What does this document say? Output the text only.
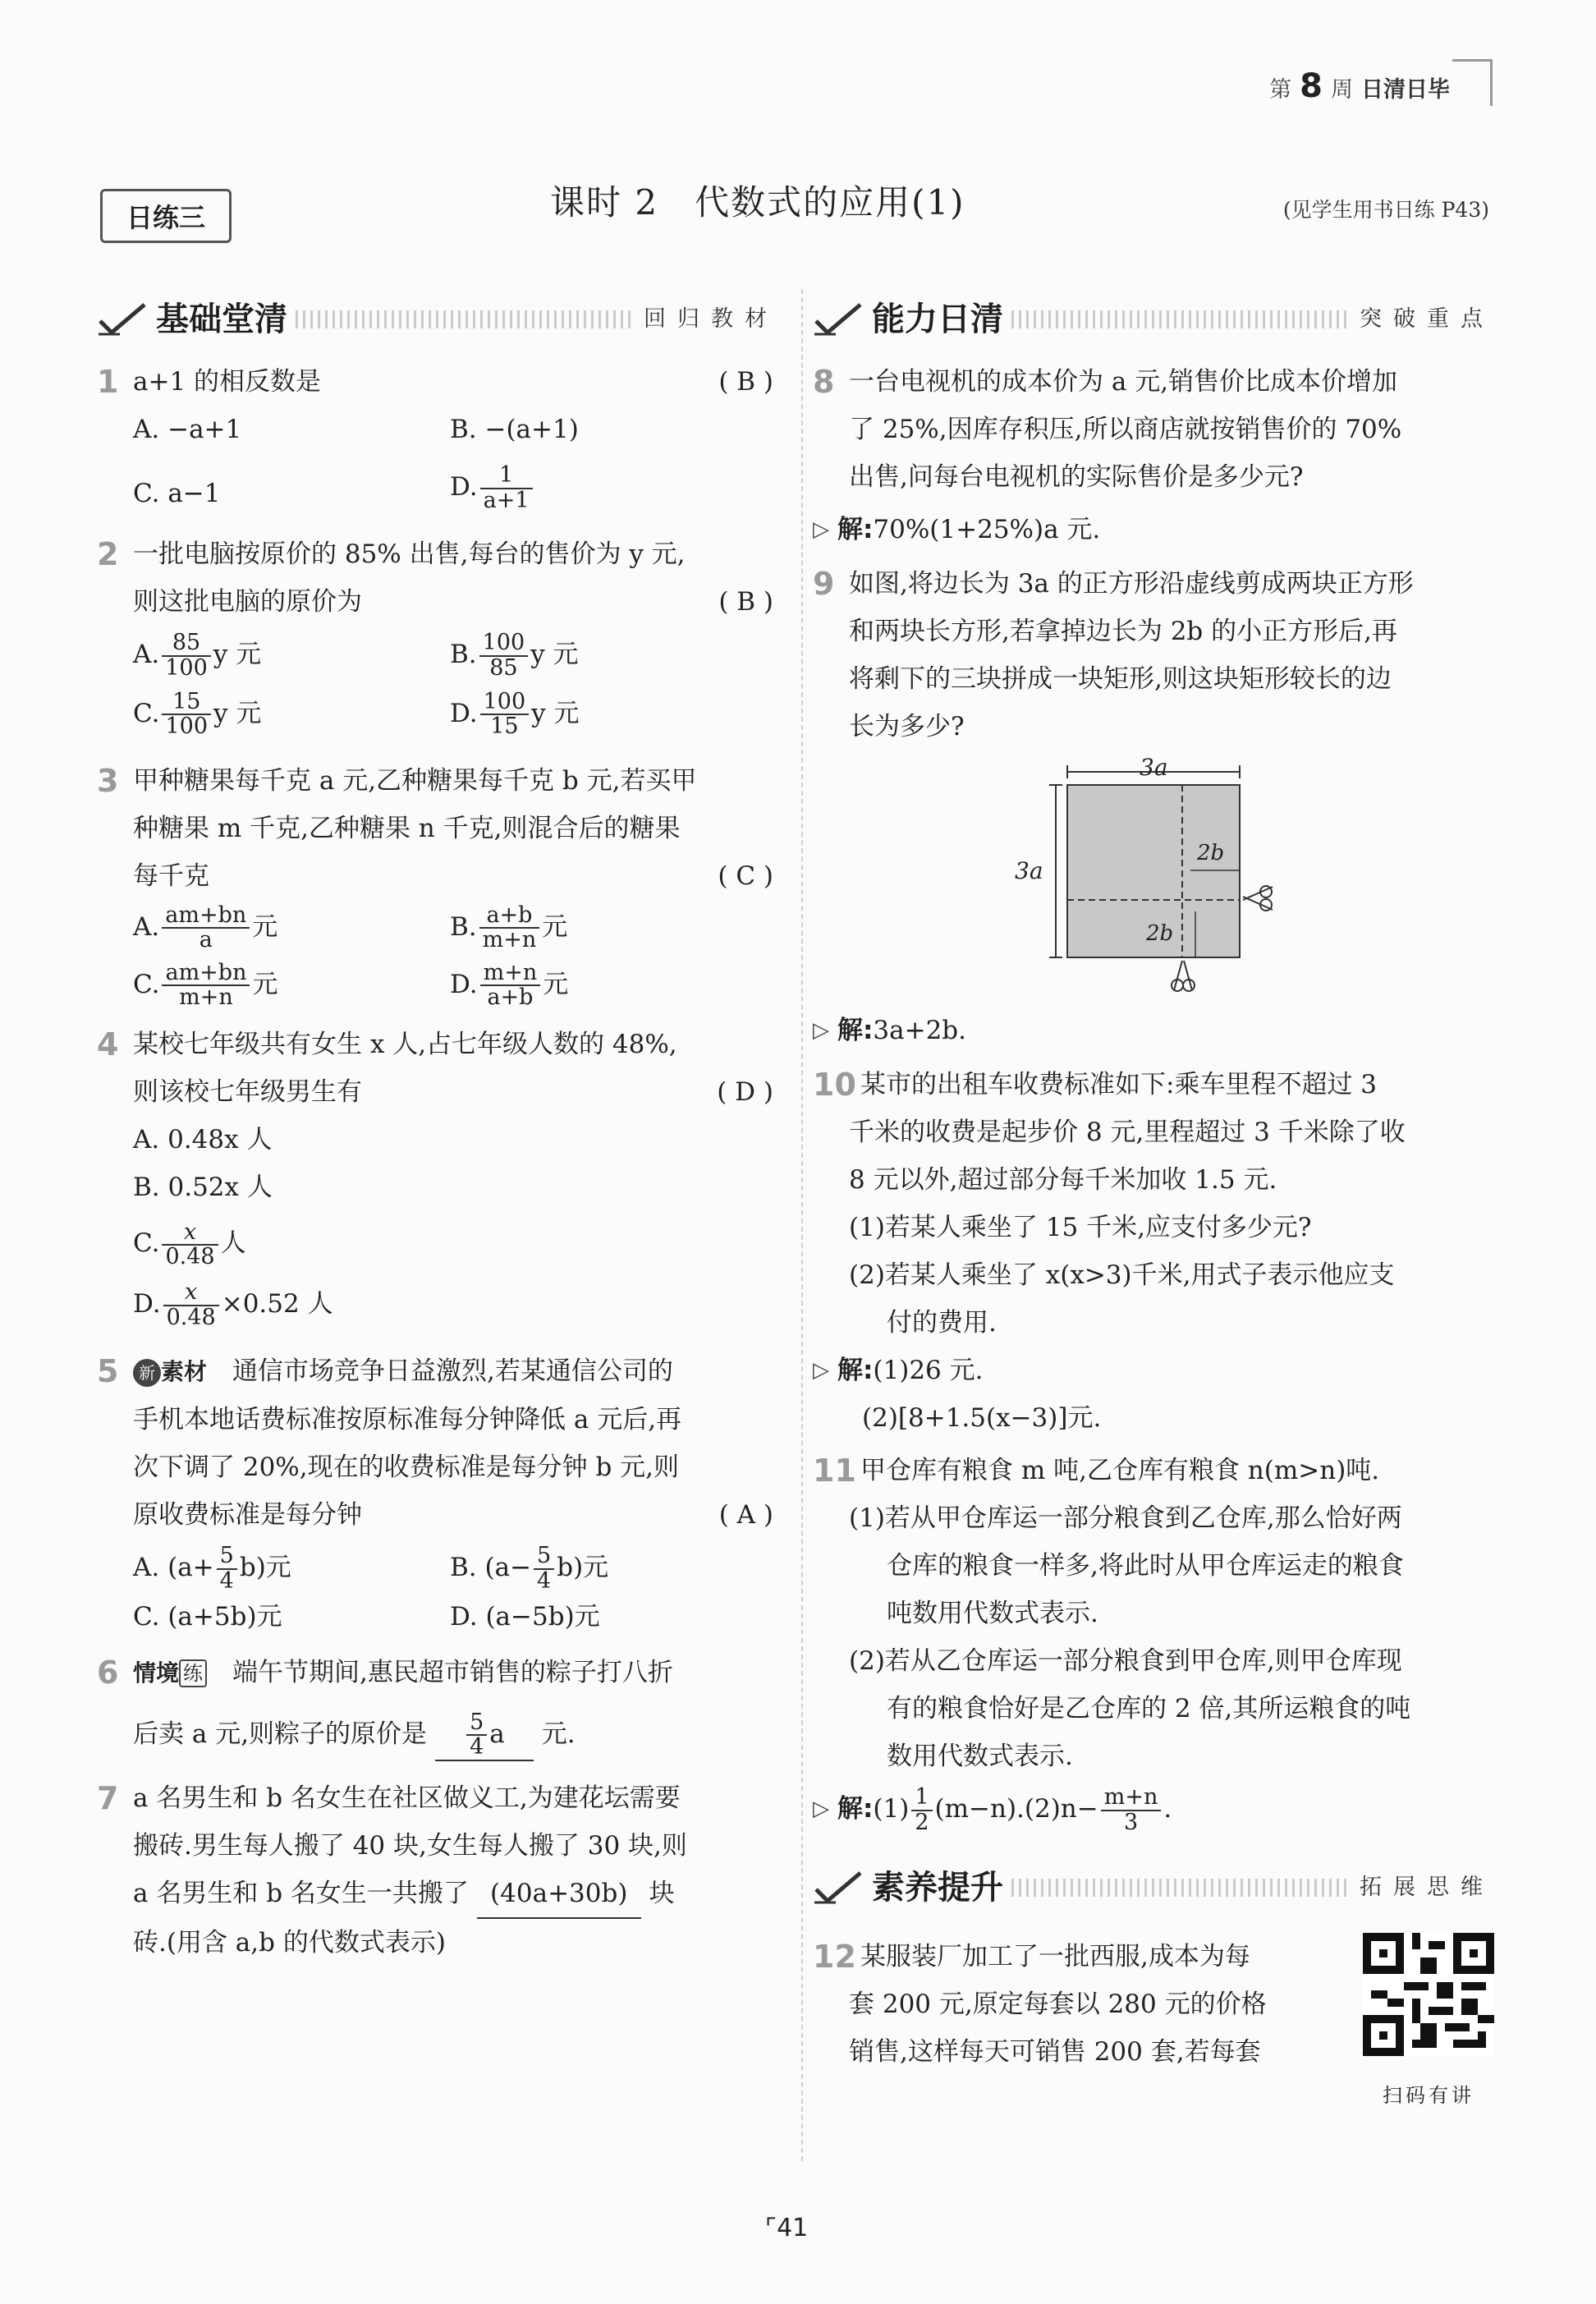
第 8 周 日清日毕
日练三	课时 2　代数式的应用(1)	(见学生用书日练 P43)
基础堂清	回归教材
1 a+1 的相反数是	( B )
A. −a+1	B. −(a+1)
C. a−1	D. $\frac{1}{a+1}$
2 一批电脑按原价的 85% 出售,每台的售价为 y 元,
则这批电脑的原价为	( B )
A. $\frac{85}{100}$ y 元	B. $\frac{100}{85}$ y 元
C. $\frac{15}{100}$ y 元	D. $\frac{100}{15}$ y 元
3 甲种糖果每千克 a 元,乙种糖果每千克 b 元,若买甲
种糖果 m 千克,乙种糖果 n 千克,则混合后的糖果
每千克	( C )
A. $\frac{am+bn}{a}$ 元	B. $\frac{a+b}{m+n}$ 元
C. $\frac{am+bn}{m+n}$ 元	D. $\frac{m+n}{a+b}$ 元
4 某校七年级共有女生 x 人,占七年级人数的 48%,
则该校七年级男生有	( D )
A. 0.48x 人
B. 0.52x 人
C. $\frac{x}{0.48}$ 人
D. $\frac{x}{0.48} \times 0.52$ 人
5	新 素材　 通信市场竞争日益激烈,若某通信公司的
手机本地话费标准按原标准每分钟降低 a 元后,再
次下调了 20%,现在的收费标准是每分钟 b 元,则
原收费标准是每分钟	( A )
A. $(a+ \frac{5}{4} b)$元	B. $(a- \frac{5}{4} b)$元
C. (a+5b)元	D. (a−5b)元
6 情境 练　 端午节期间,惠民超市销售的粽子打八折
后卖 a 元,则粽子的原价是 $\frac{5}{4}$ a 元.
7 a 名男生和 b 名女生在社区做义工,为建花坛需要
搬砖.男生每人搬了 40 块,女生每人搬了 30 块,则
a 名男生和 b 名女生一共搬了 (40a+30b) 块
砖.(用含 a,b 的代数式表示)
能力日清	突破重点
8 一台电视机的成本价为 a 元,销售价比成本价增加
了 25%,因库存积压,所以商店就按销售价的 70%
出售,问每台电视机的实际售价是多少元?
▷ 解:70%(1+25%)a 元.
9 如图,将边长为 3a 的正方形沿虚线剪成两块正方形
和两块长方形,若拿掉边长为 2b 的小正方形后,再
将剩下的三块拼成一块矩形,则这块矩形较长的边
长为多少?
3a
3a
2b
2b
▷ 解:3a+2b.
10 某市的出租车收费标准如下:乘车里程不超过 3
千米的收费是起步价 8 元,里程超过 3 千米除了收
8 元以外,超过部分每千米加收 1.5 元.
(1)若某人乘坐了 15 千米,应支付多少元?
(2)若某人乘坐了 x(x>3)千米,用式子表示他应支
付的费用.
▷ 解:(1)26 元.
(2)[8+1.5(x−3)]元.
11 甲仓库有粮食 m 吨,乙仓库有粮食 n(m>n)吨.
(1)若从甲仓库运一部分粮食到乙仓库,那么恰好两
仓库的粮食一样多,将此时从甲仓库运走的粮食
吨数用代数式表示.
(2)若从乙仓库运一部分粮食到甲仓库,则甲仓库现
有的粮食恰好是乙仓库的 2 倍,其所运粮食的吨
数用代数式表示.
▷ 解:(1) $\frac{1}{2} (m-n).(2)n- \frac{m+n}{3}$ .
素养提升	拓展思维
12 某服装厂加工了一批西服,成本为每
套 200 元,原定每套以 280 元的价格
销售,这样每天可销售 200 套,若每套
扫码有讲
⌜ 41
